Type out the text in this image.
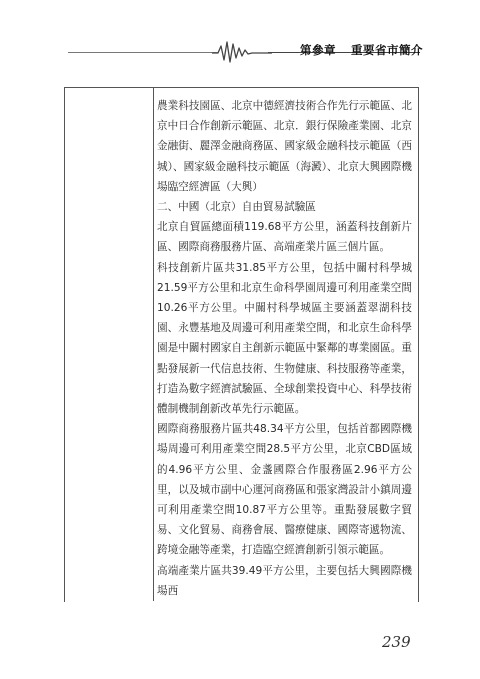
第參章 重要省市簡介

農業科技園區、北京中德經濟技術合作先行示範區、北京中日合作創新示範區、北京．銀行保險產業園、北京金融街、麗澤金融商務區、國家級金融科技示範區（西城）、國家級金融科技示範區（海澱）、北京大興國際機場臨空經濟區（大興）

二、中國（北京）自由貿易試驗區

北京自貿區總面積119.68平方公里，涵蓋科技創新片區、國際商務服務片區、高端產業片區三個片區。

科技創新片區共31.85平方公里，包括中關村科學城21.59平方公里和北京生命科學園周邊可利用產業空間10.26平方公里。中關村科學城區主要涵蓋翠湖科技園、永豐基地及周邊可利用產業空間，和北京生命科學園是中關村國家自主創新示範區中緊鄰的專業園區。重點發展新一代信息技術、生物健康、科技服務等產業，打造為數字經濟試驗區、全球創業投資中心、科學技術體制機制創新改革先行示範區。

國際商務服務片區共48.34平方公里，包括首都國際機場周邊可利用產業空間28.5平方公里，北京CBD區域的4.96平方公里、金盞國際合作服務區2.96平方公里，以及城市副中心運河商務區和張家灣設計小鎮周邊可利用產業空間10.87平方公里等。重點發展數字貿易、文化貿易、商務會展、醫療健康、國際寄遞物流、跨境金融等產業，打造臨空經濟創新引領示範區。

高端產業片區共39.49平方公里，主要包括大興國際機場西

239
